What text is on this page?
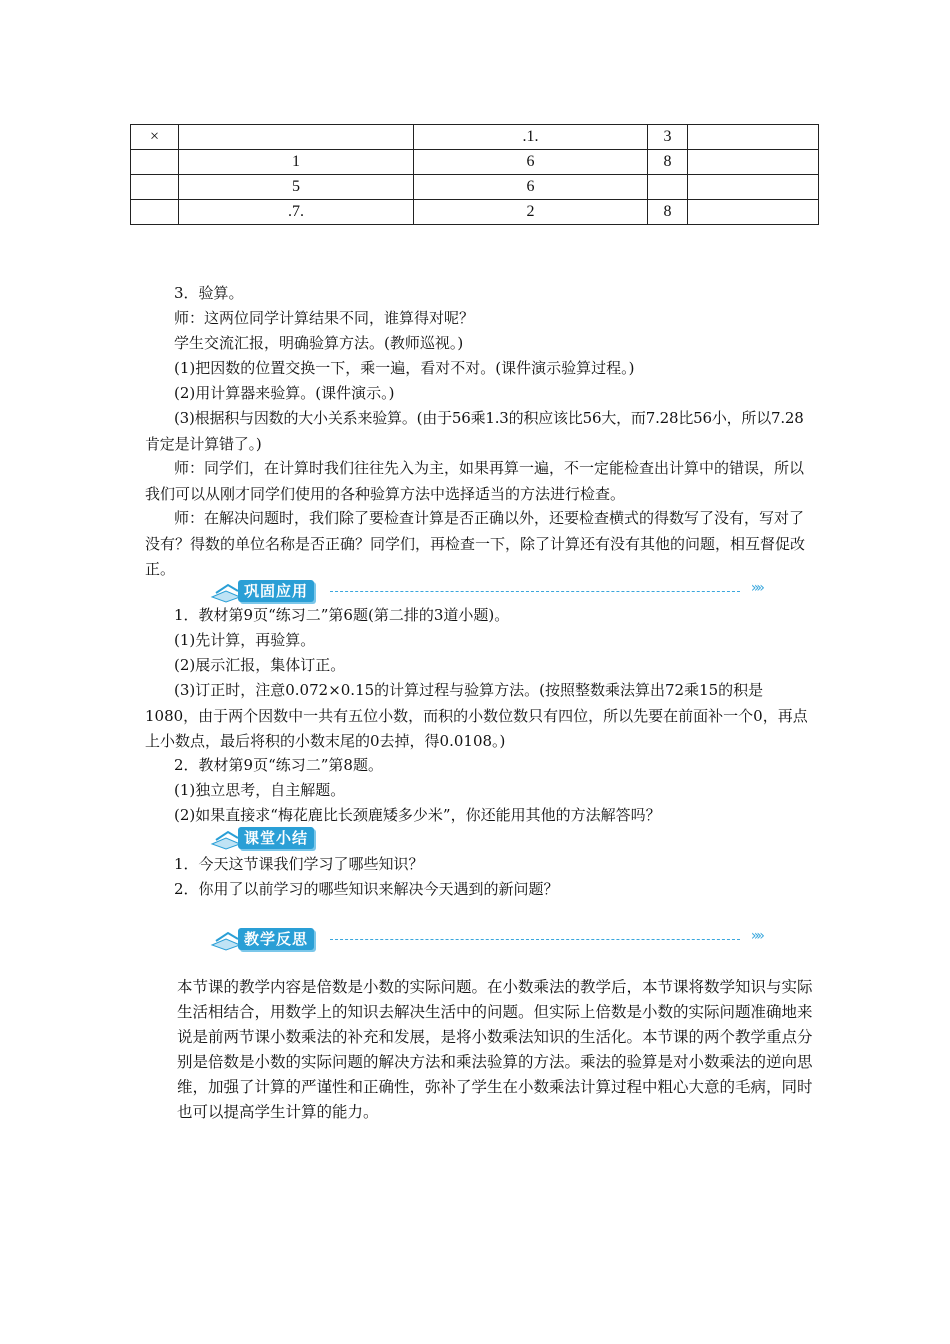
×		.1.	3	
	1	6	8	
	5	6		
	.7.	2	8	
3．验算。
师：这两位同学计算结果不同，谁算得对呢？
学生交流汇报，明确验算方法。(教师巡视。)
(1)把因数的位置交换一下，乘一遍，看对不对。(课件演示验算过程。)
(2)用计算器来验算。(课件演示。)

(3)根据积与因数的大小关系来验算。(由于56乘1.3的积应该比56大，而7.28比56小，所以7.28肯定是计算错了。)

师：同学们，在计算时我们往往先入为主，如果再算一遍，不一定能检查出计算中的错误，所以我们可以从刚才同学们使用的各种验算方法中选择适当的方法进行检查。

师：在解决问题时，我们除了要检查计算是否正确以外，还要检查横式的得数写了没有，写对了没有？得数的单位名称是否正确？同学们，再检查一下，除了计算还有没有其他的问题，相互督促改正。

巩固应用	»»
1．教材第9页“练习二”第6题(第二排的3道小题)。
(1)先计算，再验算。
(2)展示汇报，集体订正。

(3)订正时，注意0.072×0.15的计算过程与验算方法。(按照整数乘法算出72乘15的积是1080，由于两个因数中一共有五位小数，而积的小数位数只有四位，所以先要在前面补一个0，再点上小数点，最后将积的小数末尾的0去掉，得0.0108。)

2．教材第9页“练习二”第8题。
(1)独立思考，自主解题。
(2)如果直接求“梅花鹿比长颈鹿矮多少米”，你还能用其他的方法解答吗？
课堂小结
1．今天这节课我们学习了哪些知识？
2．你用了以前学习的哪些知识来解决今天遇到的新问题？
教学反思	»»

本节课的教学内容是倍数是小数的实际问题。在小数乘法的教学后，本节课将数学知识与实际生活相结合，用数学上的知识去解决生活中的问题。但实际上倍数是小数的实际问题准确地来说是前两节课小数乘法的补充和发展，是将小数乘法知识的生活化。本节课的两个教学重点分别是倍数是小数的实际问题的解决方法和乘法验算的方法。乘法的验算是对小数乘法的逆向思维，加强了计算的严谨性和正确性，弥补了学生在小数乘法计算过程中粗心大意的毛病，同时也可以提高学生计算的能力。
